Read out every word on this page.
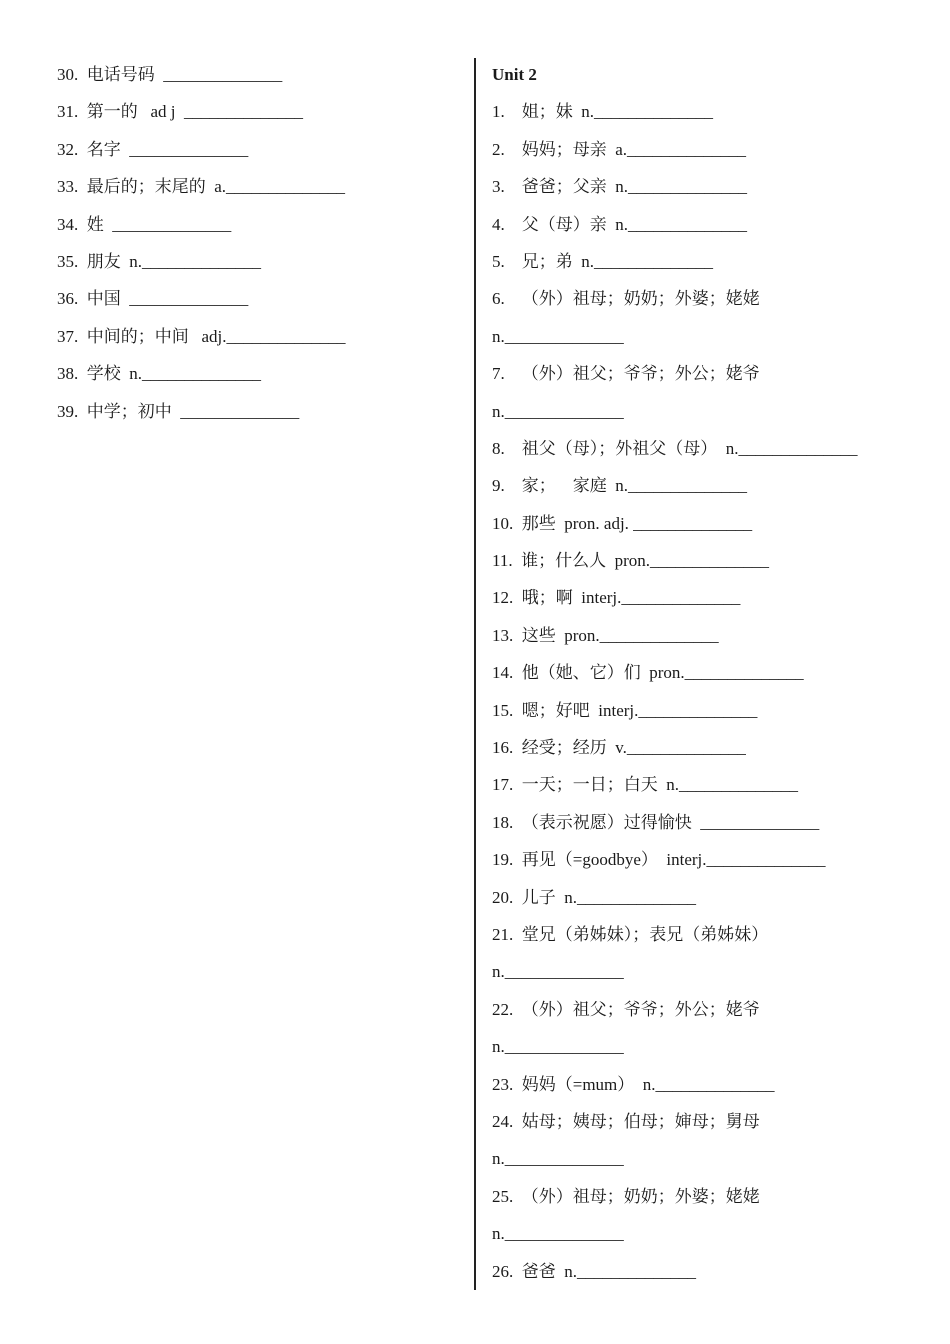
30.  电话号码  ______________
31.  第一的   ad j  ______________
32.  名字  ______________
33.  最后的；末尾的  a.______________
34.  姓  ______________
35.  朋友  n.______________
36.  中国  ______________
37.  中间的；中间   adj.______________
38.  学校  n.______________
39.  中学；初中  ______________
Unit 2
1.    姐；妹  n.______________
2.    妈妈；母亲  a.______________
3.    爸爸；父亲  n.______________
4.    父（母）亲  n.______________
5.    兄；弟  n.______________
6.    （外）祖母；奶奶；外婆；姥姥
n.______________
7.    （外）祖父；爷爷；外公；姥爷
n.______________
8.    祖父（母）；外祖父（母）  n.______________
9.    家；    家庭  n.______________
10.  那些  pron. adj. ______________
11.  谁；什么人  pron.______________
12.  哦；啊  interj.______________
13.  这些  pron.______________
14.  他（她、它）们  pron.______________
15.  嗯；好吧  interj.______________
16.  经受；经历  v.______________
17.  一天；一日；白天  n.______________
18.  （表示祝愿）过得愉快  ______________
19.  再见（=goodbye）  interj.______________
20.  儿子  n.______________
21.  堂兄（弟姊妹）；表兄（弟姊妹）
n.______________
22.  （外）祖父；爷爷；外公；姥爷
n.______________
23.  妈妈（=mum）  n.______________
24.  姑母；姨母；伯母；婶母；舅母
n.______________
25.  （外）祖母；奶奶；外婆；姥姥
n.______________
26.  爸爸  n.______________
